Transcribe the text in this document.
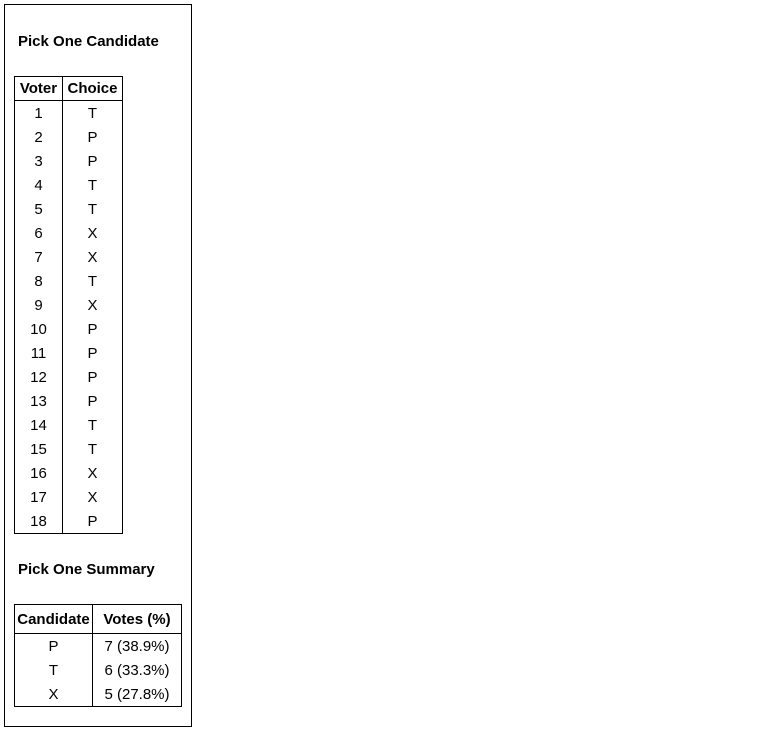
Pick One Candidate
Voter	Choice
1	T
2	P
3	P
4	T
5	T
6	X
7	X
8	T
9	X
10	P
11	P
12	P
13	P
14	T
15	T
16	X
17	X
18	P
Pick One Summary
Candidate	Votes (%)
P	7 (38.9%)
T	6 (33.3%)
X	5 (27.8%)
